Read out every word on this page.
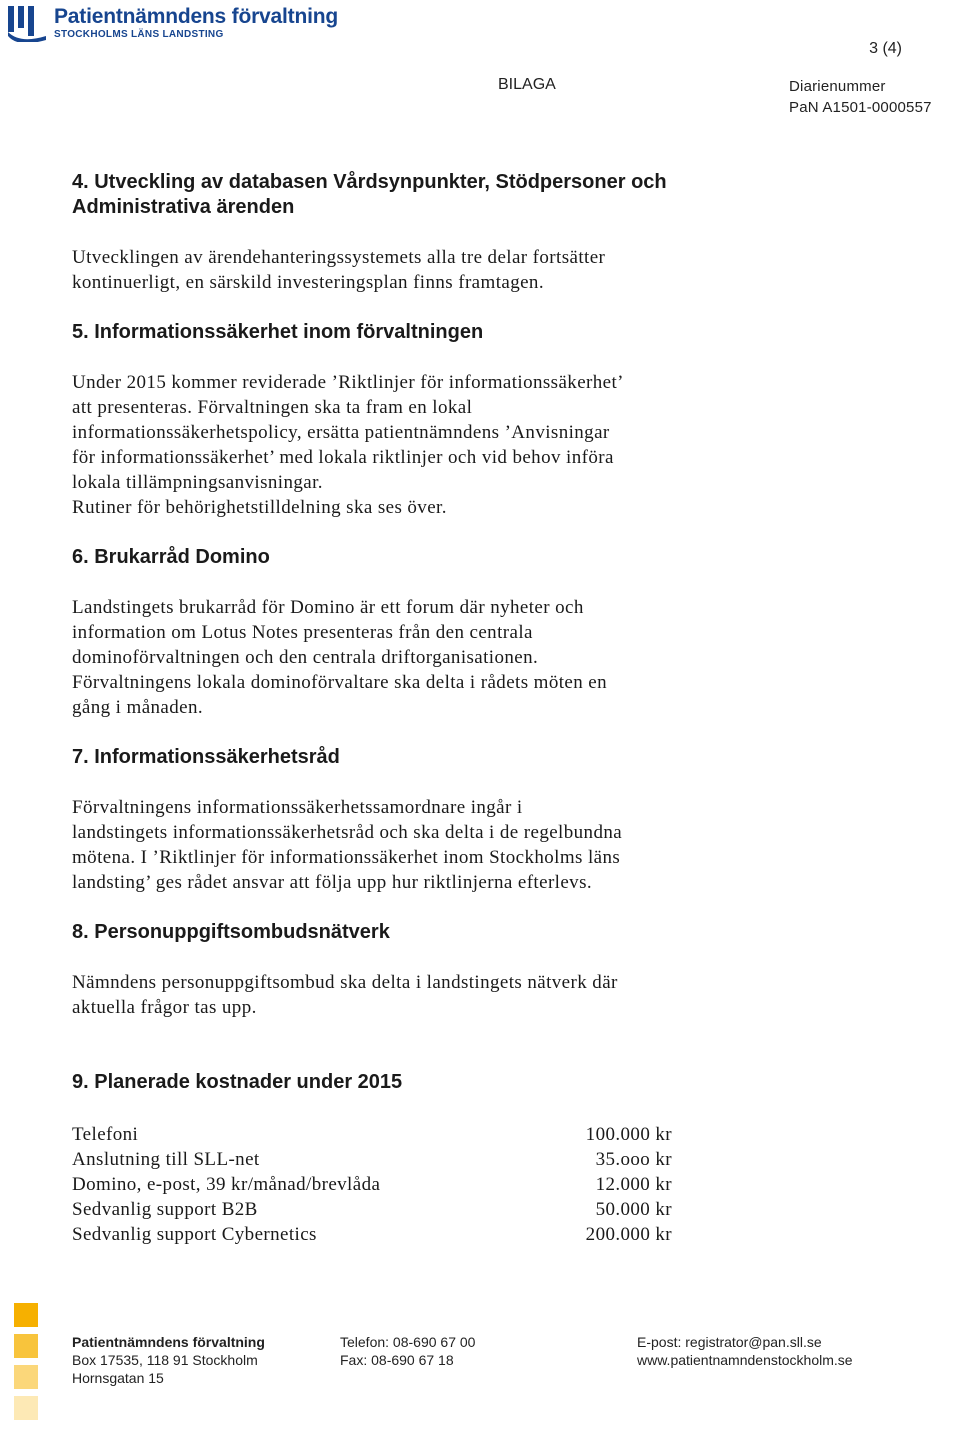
Patientnämndens förvaltning
STOCKHOLMS LÄNS LANDSTING
3 (4)
BILAGA	Diarienummer
PaN A1501-0000557
4. Utveckling av databasen Vårdsynpunkter, Stödpersoner och
Administrativa ärenden

Utvecklingen av ärendehanteringssystemets alla tre delar fortsätter

kontinuerligt, en särskild investeringsplan finns framtagen.

5. Informationssäkerhet inom förvaltningen

Under 2015 kommer reviderade ’Riktlinjer för informationssäkerhet’

att presenteras. Förvaltningen ska ta fram en lokal

informationssäkerhetspolicy, ersätta patientnämndens ’Anvisningar

för informationssäkerhet’ med lokala riktlinjer och vid behov införa

lokala tillämpningsanvisningar.

Rutiner för behörighetstilldelning ska ses över.

6. Brukarråd Domino

Landstingets brukarråd för Domino är ett forum där nyheter och

information om Lotus Notes presenteras från den centrala

dominoförvaltningen och den centrala driftorganisationen.

Förvaltningens lokala dominoförvaltare ska delta i rådets möten en

gång i månaden.

7. Informationssäkerhetsråd

Förvaltningens informationssäkerhetssamordnare ingår i

landstingets informationssäkerhetsråd och ska delta i de regelbundna

mötena. I ’Riktlinjer för informationssäkerhet inom Stockholms läns

landsting’ ges rådet ansvar att följa upp hur riktlinjerna efterlevs.

8. Personuppgiftsombudsnätverk

Nämndens personuppgiftsombud ska delta i landstingets nätverk där

aktuella frågor tas upp.

9. Planerade kostnader under 2015
Telefoni	100.000 kr
Anslutning till SLL-net	35.ooo kr
Domino, e-post, 39 kr/månad/brevlåda	12.000 kr
Sedvanlig support B2B	50.000 kr
Sedvanlig support Cybernetics	200.000 kr
Patientnämndens förvaltning
Box 17535, 118 91 Stockholm
Hornsgatan 15
Telefon: 08-690 67 00
Fax: 08-690 67 18
E-post: registrator@pan.sll.se
www.patientnamndenstockholm.se
